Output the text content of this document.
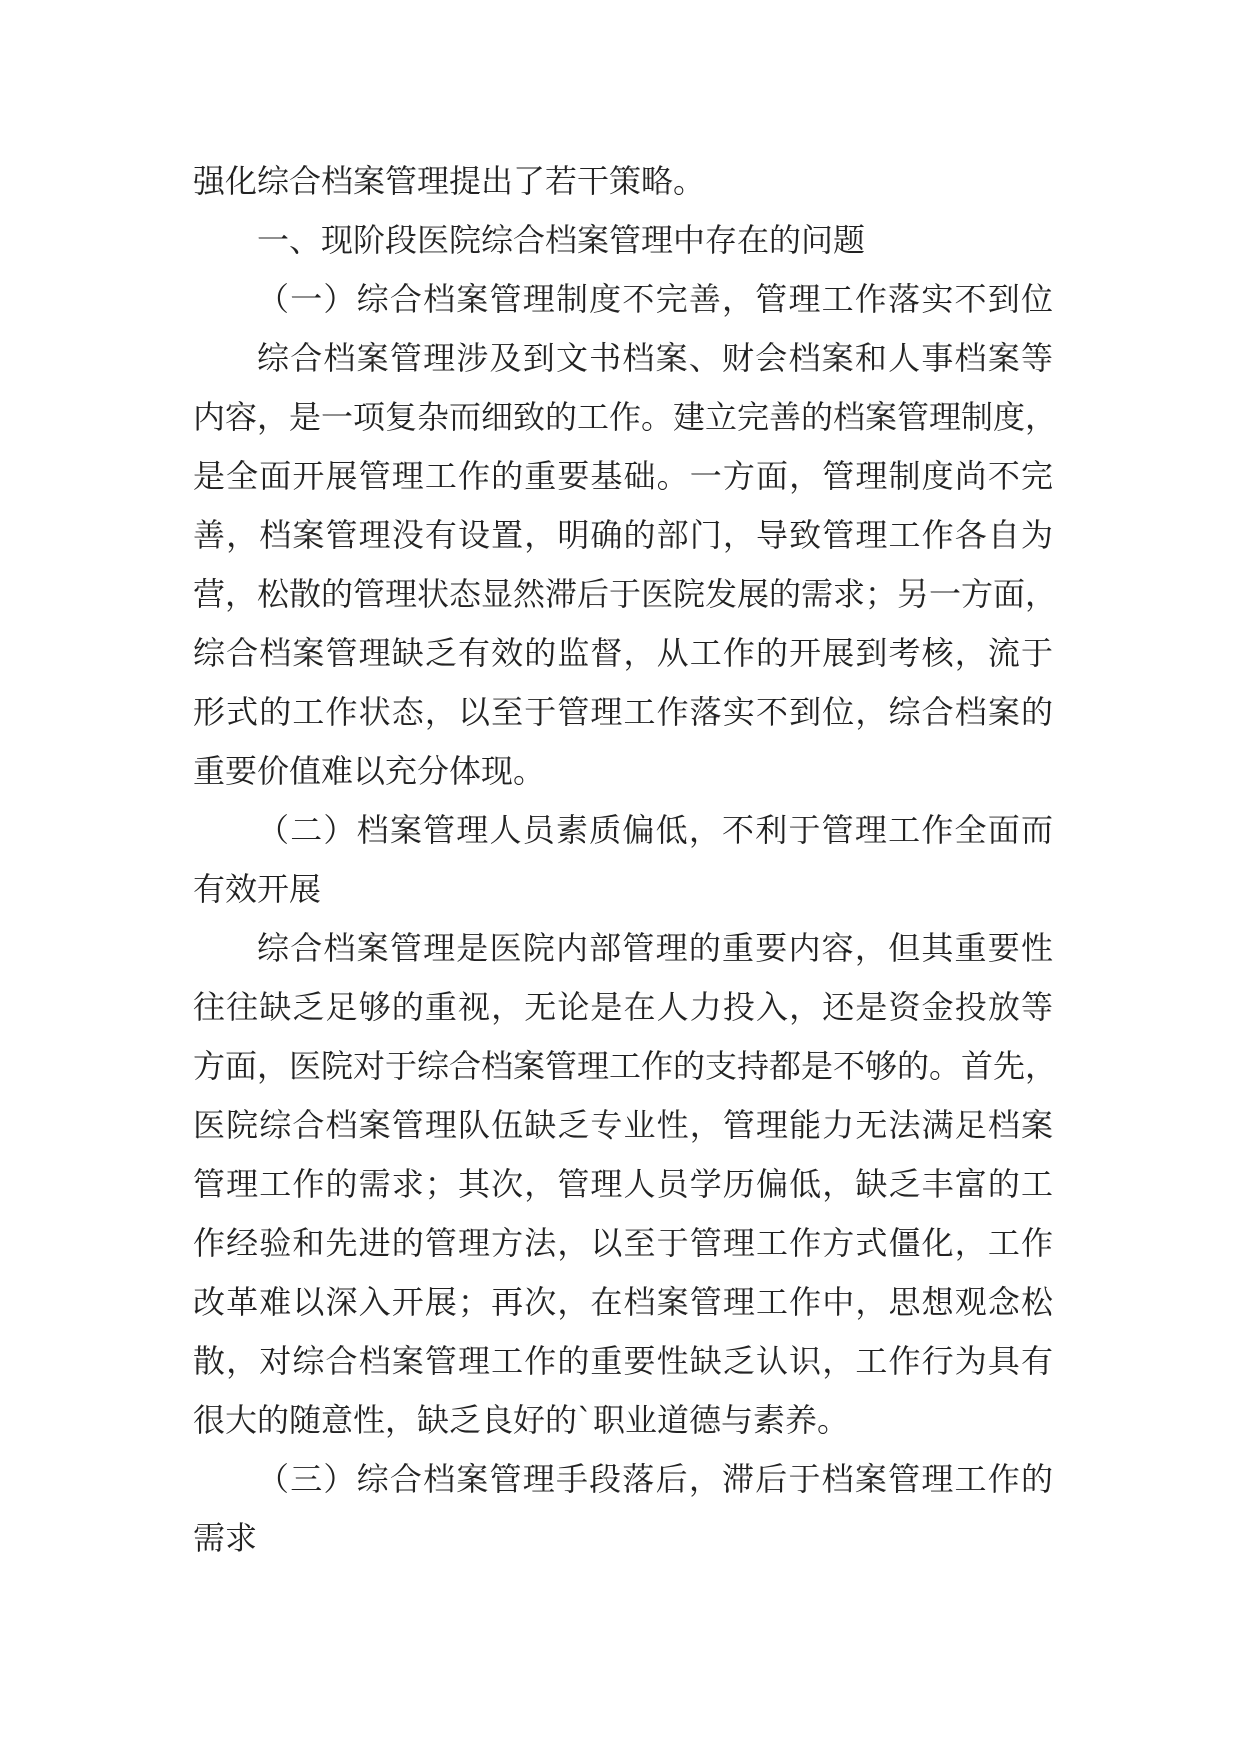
强化综合档案管理提出了若干策略。
一、现阶段医院综合档案管理中存在的问题
（一）综合档案管理制度不完善，管理工作落实不到位
综合档案管理涉及到文书档案、财会档案和人事档案等
内容，是一项复杂而细致的工作。建立完善的档案管理制度，
是全面开展管理工作的重要基础。一方面，管理制度尚不完
善，档案管理没有设置，明确的部门，导致管理工作各自为
营，松散的管理状态显然滞后于医院发展的需求；另一方面，
综合档案管理缺乏有效的监督，从工作的开展到考核，流于
形式的工作状态，以至于管理工作落实不到位，综合档案的
重要价值难以充分体现。
（二）档案管理人员素质偏低，不利于管理工作全面而
有效开展
综合档案管理是医院内部管理的重要内容，但其重要性
往往缺乏足够的重视，无论是在人力投入，还是资金投放等
方面，医院对于综合档案管理工作的支持都是不够的。首先，
医院综合档案管理队伍缺乏专业性，管理能力无法满足档案
管理工作的需求；其次，管理人员学历偏低，缺乏丰富的工
作经验和先进的管理方法，以至于管理工作方式僵化，工作
改革难以深入开展；再次，在档案管理工作中，思想观念松
散，对综合档案管理工作的重要性缺乏认识，工作行为具有
很大的随意性，缺乏良好的`职业道德与素养。
（三）综合档案管理手段落后，滞后于档案管理工作的
需求
